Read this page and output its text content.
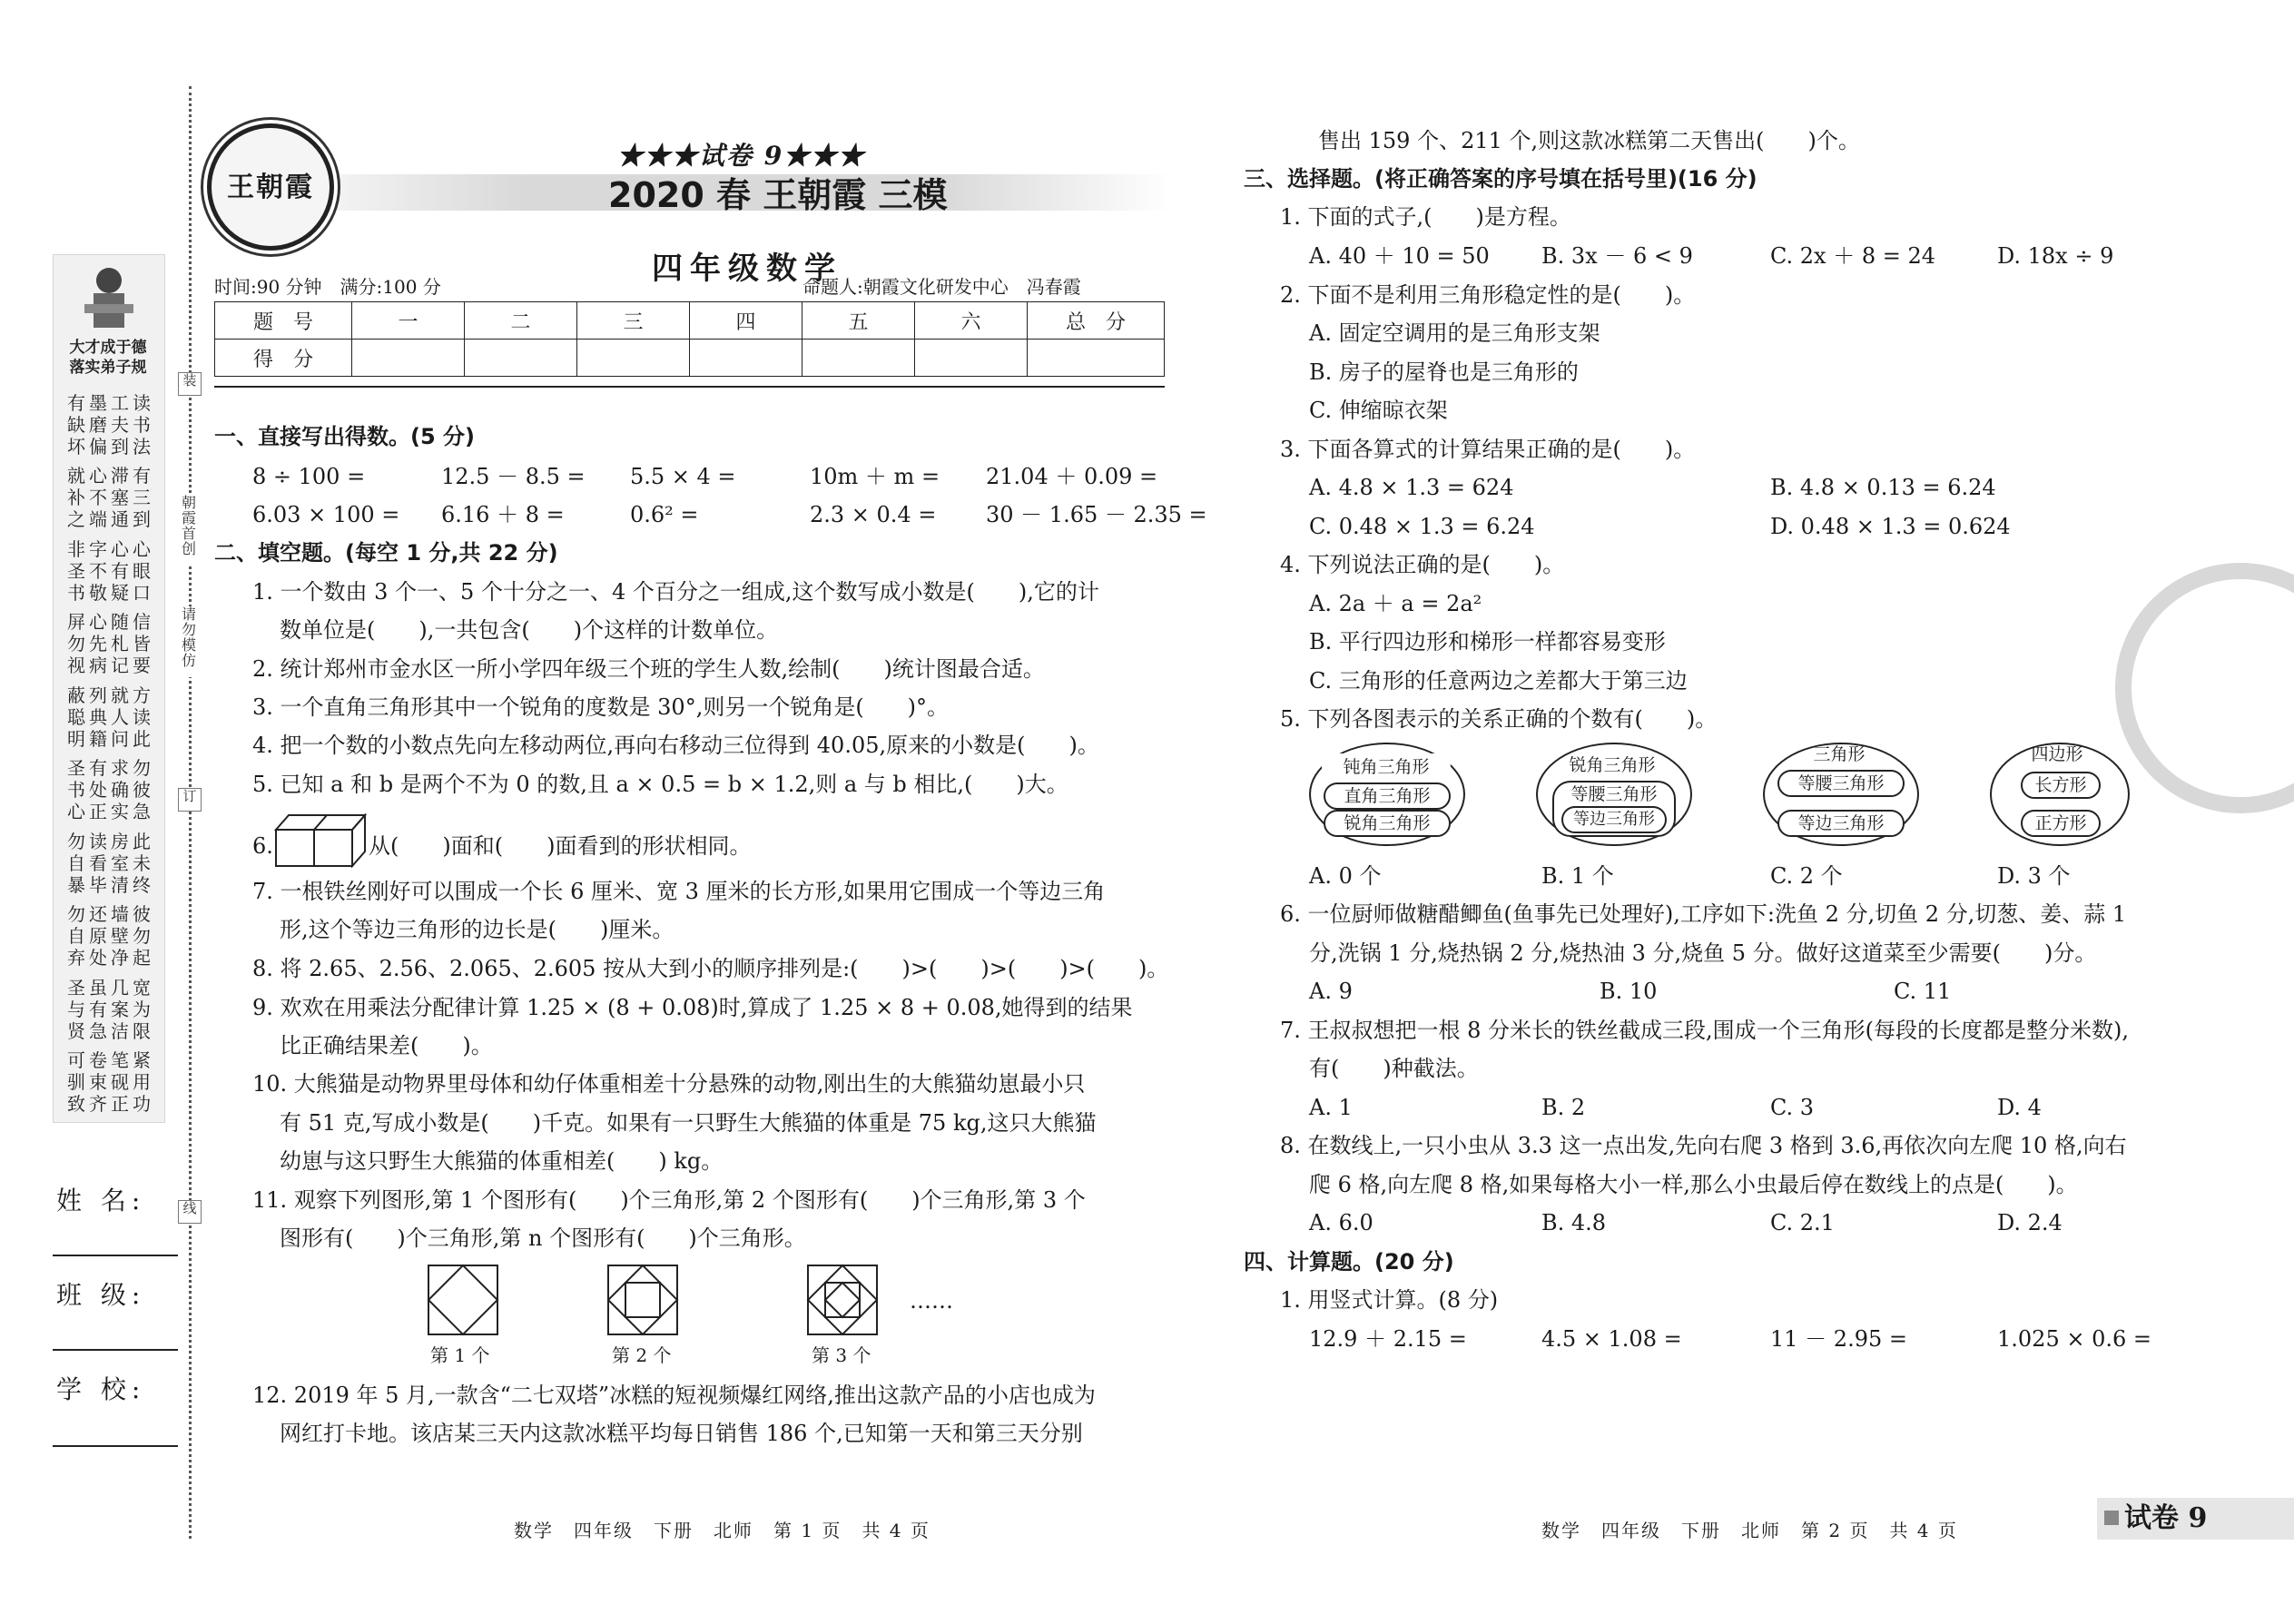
装
朝霞首创
请勿模仿
订
线
大才成于德
落实弟子规
有墨工读
缺磨夫书
坏偏到法
就心滞有
补不塞三
之端通到
非字心心
圣不有眼
书敬疑口
屏心随信
勿先札皆
视病记要
蔽列就方
聪典人读
明籍问此
圣有求勿
书处确彼
心正实急
勿读房此
自看室未
暴毕清终
勿还墙彼
自原壁勿
弃处净起
圣虽几宽
与有案为
贤急洁限
可卷笔紧
驯束砚用
致齐正功
姓 名:
班 级:
学 校:
王朝霞
★★★试卷 9★★★
2020 春 王朝霞 三模
四年级数学
时间:90 分钟　满分:100 分	命题人:朝霞文化研发中心　冯春霞
题　号	一	二	三	四	五	六	总　分
得　分							
一、直接写出得数。(5 分)
8 ÷ 100 =	12.5 － 8.5 = 5.5 × 4 =	10m ＋ m = 21.04 ＋ 0.09 =
6.03 × 100 = 6.16 ＋ 8 =	0.6² =	2.3 × 0.4 = 30 － 1.65 － 2.35 =
二、填空题。(每空 1 分,共 22 分)
1. 一个数由 3 个一、5 个十分之一、4 个百分之一组成,这个数写成小数是(　　),它的计
数单位是(　　),一共包含(　　)个这样的计数单位。
2. 统计郑州市金水区一所小学四年级三个班的学生人数,绘制(　　)统计图最合适。
3. 一个直角三角形其中一个锐角的度数是 30°,则另一个锐角是(　　)°。
4. 把一个数的小数点先向左移动两位,再向右移动三位得到 40.05,原来的小数是(　　)。
5. 已知 a 和 b 是两个不为 0 的数,且 a × 0.5 = b × 1.2,则 a 与 b 相比,(　　)大。
6.	从(　　)面和(　　)面看到的形状相同。
7. 一根铁丝刚好可以围成一个长 6 厘米、宽 3 厘米的长方形,如果用它围成一个等边三角
形,这个等边三角形的边长是(　　)厘米。
8. 将 2.65、2.56、2.065、2.605 按从大到小的顺序排列是:(　　)>(　　)>(　　)>(　　)。
9. 欢欢在用乘法分配律计算 1.25 × (8 + 0.08)时,算成了 1.25 × 8 + 0.08,她得到的结果
比正确结果差(　　)。
10. 大熊猫是动物界里母体和幼仔体重相差十分悬殊的动物,刚出生的大熊猫幼崽最小只
有 51 克,写成小数是(　　)千克。如果有一只野生大熊猫的体重是 75 kg,这只大熊猫
幼崽与这只野生大熊猫的体重相差(　　) kg。
11. 观察下列图形,第 1 个图形有(　　)个三角形,第 2 个图形有(　　)个三角形,第 3 个
图形有(　　)个三角形,第 n 个图形有(　　)个三角形。
……
第 1 个	第 2 个	第 3 个
12. 2019 年 5 月,一款含“二七双塔”冰糕的短视频爆红网络,推出这款产品的小店也成为
网红打卡地。该店某三天内这款冰糕平均每日销售 186 个,已知第一天和第三天分别
数学　四年级　下册　北师　第 1 页　共 4 页
售出 159 个、211 个,则这款冰糕第二天售出(　　)个。
三、选择题。(将正确答案的序号填在括号里)(16 分)
1. 下面的式子,(　　)是方程。
A. 40 ＋ 10 = 50 B. 3x － 6 < 9	C. 2x ＋ 8 = 24	D. 18x ÷ 9
2. 下面不是利用三角形稳定性的是(　　)。
A. 固定空调用的是三角形支架
B. 房子的屋脊也是三角形的
C. 伸缩晾衣架
3. 下面各算式的计算结果正确的是(　　)。
A. 4.8 × 1.3 = 624	B. 4.8 × 0.13 = 6.24
C. 0.48 × 1.3 = 6.24	D. 0.48 × 1.3 = 0.624
4. 下列说法正确的是(　　)。
A. 2a ＋ a = 2a²
B. 平行四边形和梯形一样都容易变形
C. 三角形的任意两边之差都大于第三边
5. 下列各图表示的关系正确的个数有(　　)。
钝角三角形
直角三角形
锐角三角形
锐角三角形
等腰三角形
等边三角形
三角形
等腰三角形
等边三角形
四边形
长方形
正方形
A. 0 个	B. 1 个	C. 2 个	D. 3 个
6. 一位厨师做糖醋鲫鱼(鱼事先已处理好),工序如下:洗鱼 2 分,切鱼 2 分,切葱、姜、蒜 1
分,洗锅 1 分,烧热锅 2 分,烧热油 3 分,烧鱼 5 分。做好这道菜至少需要(　　)分。
A. 9	B. 10	C. 11
7. 王叔叔想把一根 8 分米长的铁丝截成三段,围成一个三角形(每段的长度都是整分米数),
有(　　)种截法。
A. 1	B. 2	C. 3	D. 4
8. 在数线上,一只小虫从 3.3 这一点出发,先向右爬 3 格到 3.6,再依次向左爬 10 格,向右
爬 6 格,向左爬 8 格,如果每格大小一样,那么小虫最后停在数线上的点是(　　)。
A. 6.0	B. 4.8	C. 2.1	D. 2.4
四、计算题。(20 分)
1. 用竖式计算。(8 分)
12.9 ＋ 2.15 =	4.5 × 1.08 =	11 － 2.95 =	1.025 × 0.6 =
数学　四年级　下册　北师　第 2 页　共 4 页	试卷 9
